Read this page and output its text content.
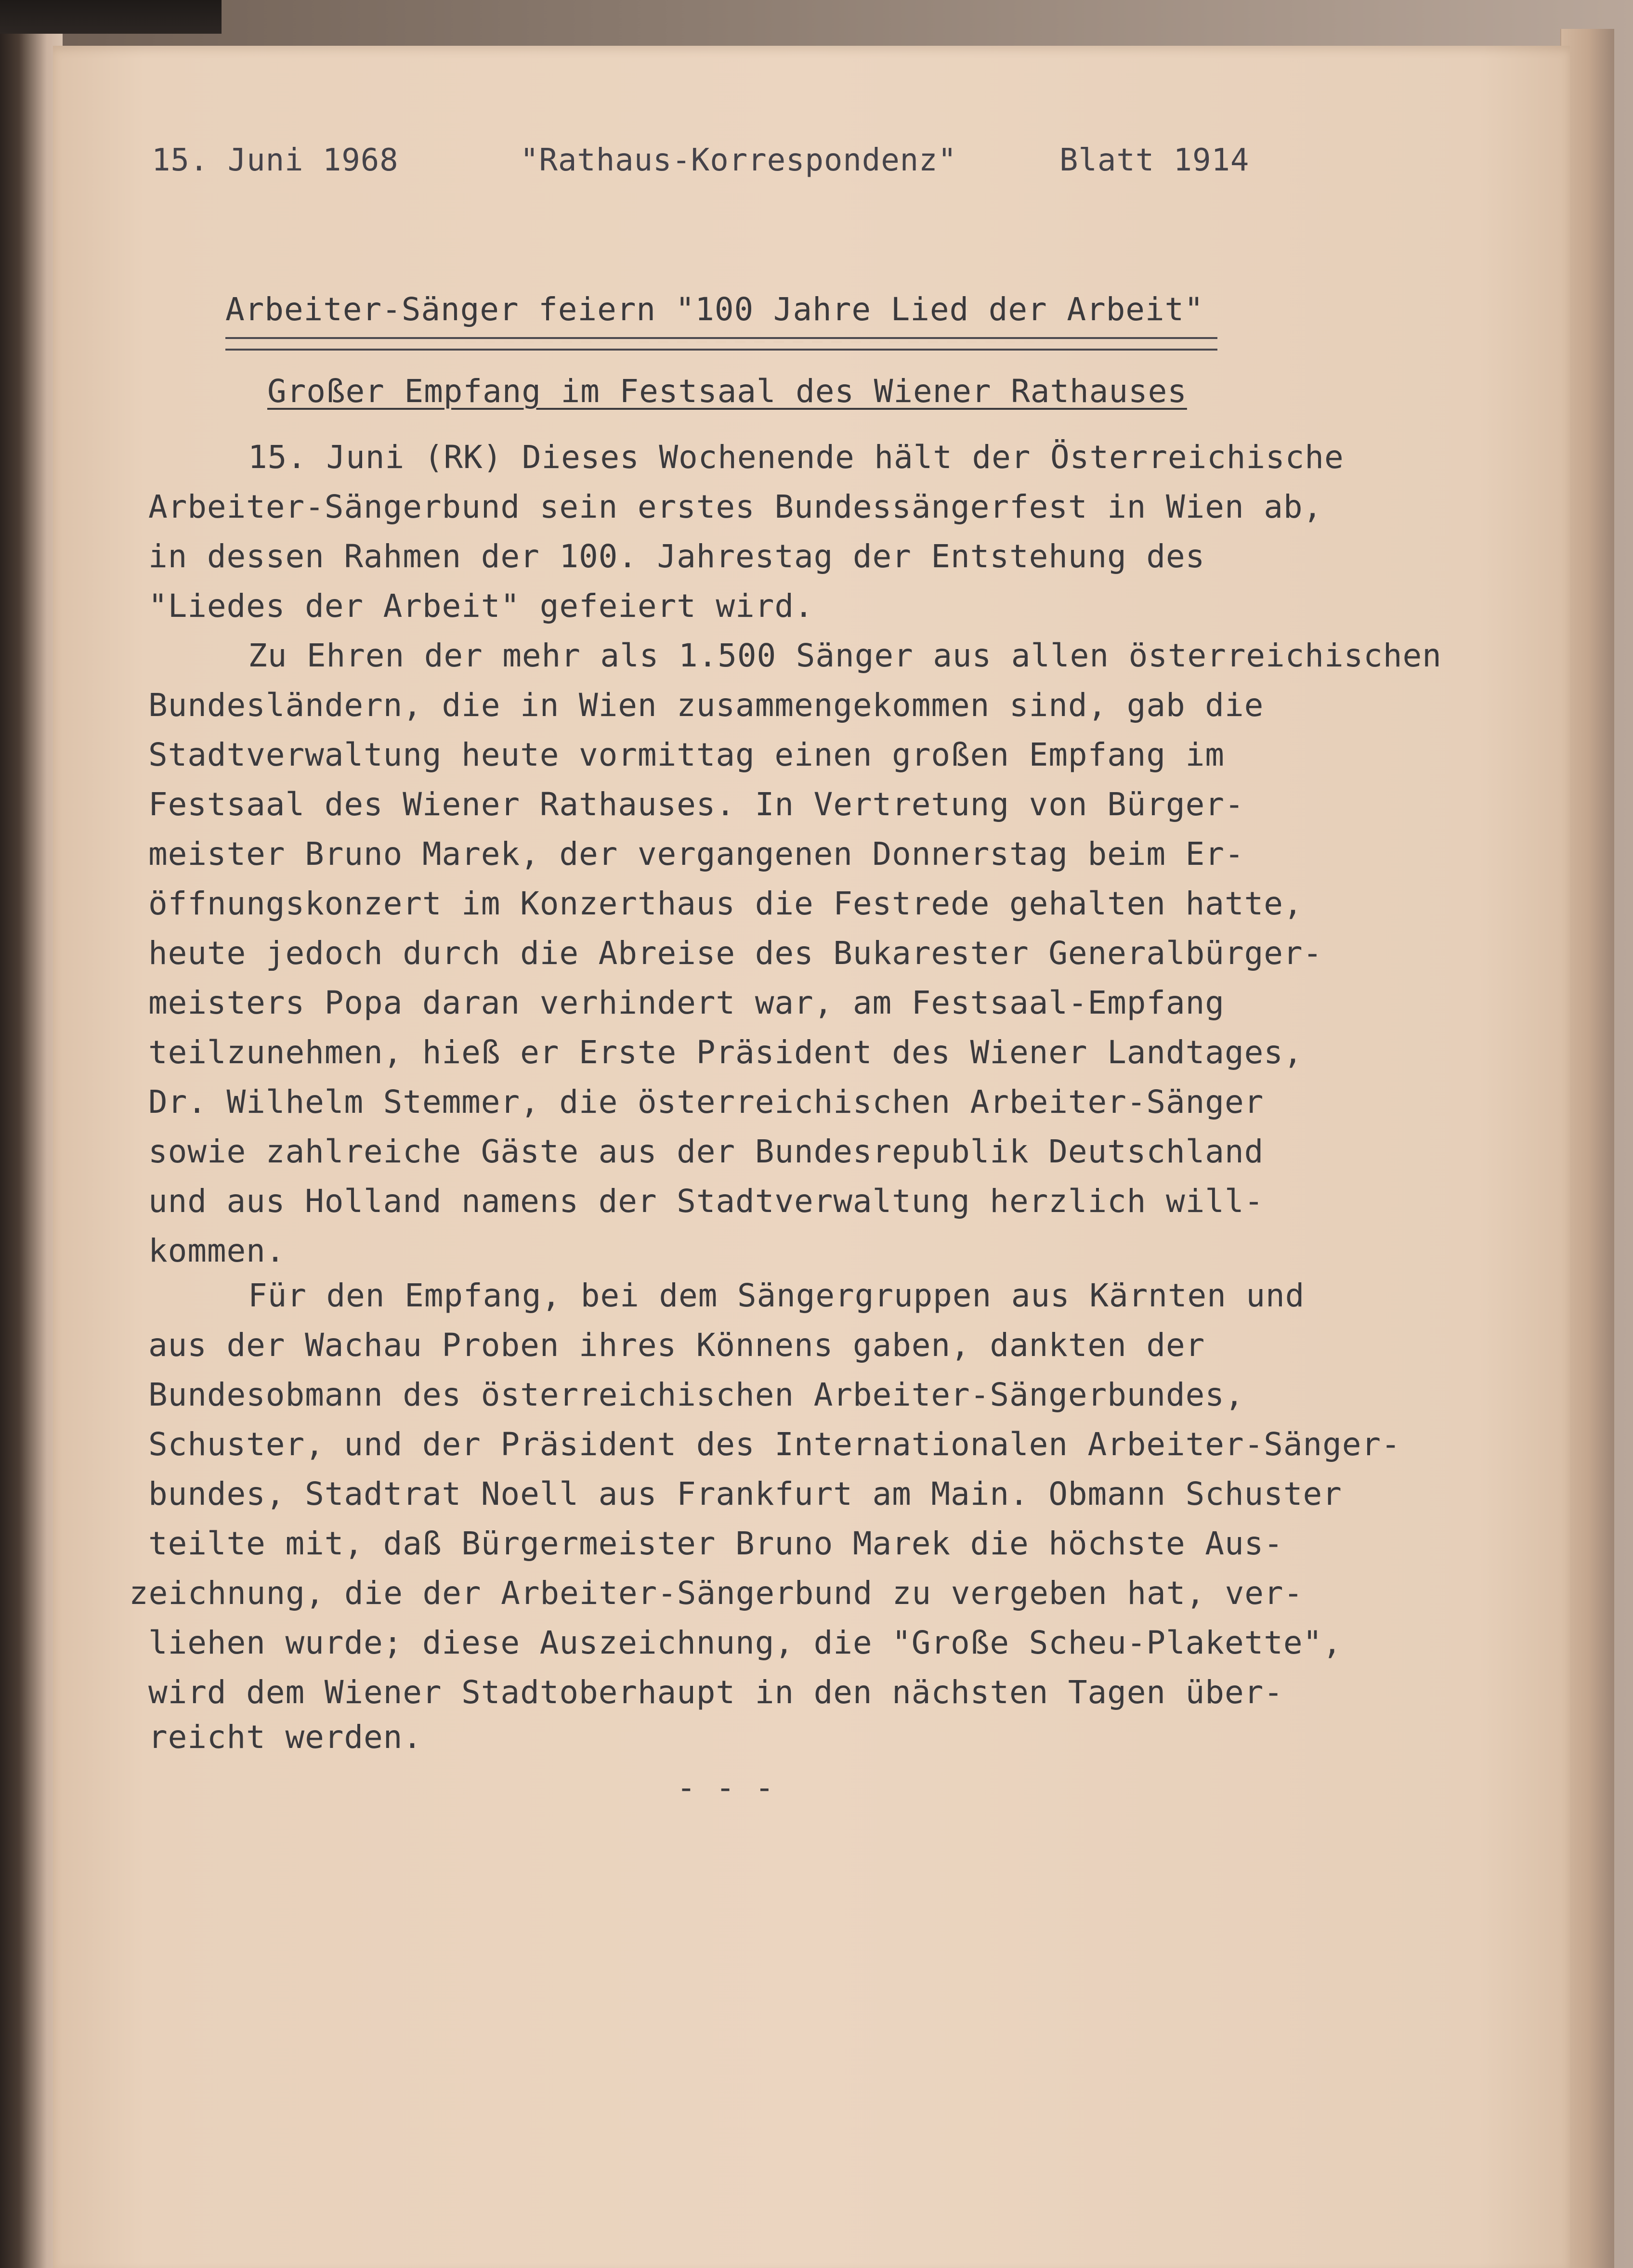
15. Juni 1968	"Rathaus-Korrespondenz"	Blatt 1914
Arbeiter-Sänger feiern "100 Jahre Lied der Arbeit"
Großer Empfang im Festsaal des Wiener Rathauses
15. Juni (RK) Dieses Wochenende hält der Österreichische
Arbeiter-Sängerbund sein erstes Bundessängerfest in Wien ab,
in dessen Rahmen der 100. Jahrestag der Entstehung des
"Liedes der Arbeit" gefeiert wird.
Zu Ehren der mehr als 1.500 Sänger aus allen österreichischen
Bundesländern, die in Wien zusammengekommen sind, gab die
Stadtverwaltung heute vormittag einen großen Empfang im
Festsaal des Wiener Rathauses. In Vertretung von Bürger-
meister Bruno Marek, der vergangenen Donnerstag beim Er-
öffnungskonzert im Konzerthaus die Festrede gehalten hatte,
heute jedoch durch die Abreise des Bukarester Generalbürger-
meisters Popa daran verhindert war, am Festsaal-Empfang
teilzunehmen, hieß er Erste Präsident des Wiener Landtages,
Dr. Wilhelm Stemmer, die österreichischen Arbeiter-Sänger
sowie zahlreiche Gäste aus der Bundesrepublik Deutschland
und aus Holland namens der Stadtverwaltung herzlich will-
kommen.
Für den Empfang, bei dem Sängergruppen aus Kärnten und
aus der Wachau Proben ihres Könnens gaben, dankten der
Bundesobmann des österreichischen Arbeiter-Sängerbundes,
Schuster, und der Präsident des Internationalen Arbeiter-Sänger-
bundes, Stadtrat Noell aus Frankfurt am Main. Obmann Schuster
teilte mit, daß Bürgermeister Bruno Marek die höchste Aus-
zeichnung, die der Arbeiter-Sängerbund zu vergeben hat, ver-
liehen wurde; diese Auszeichnung, die "Große Scheu-Plakette",
wird dem Wiener Stadtoberhaupt in den nächsten Tagen über-
reicht werden.
- - -
